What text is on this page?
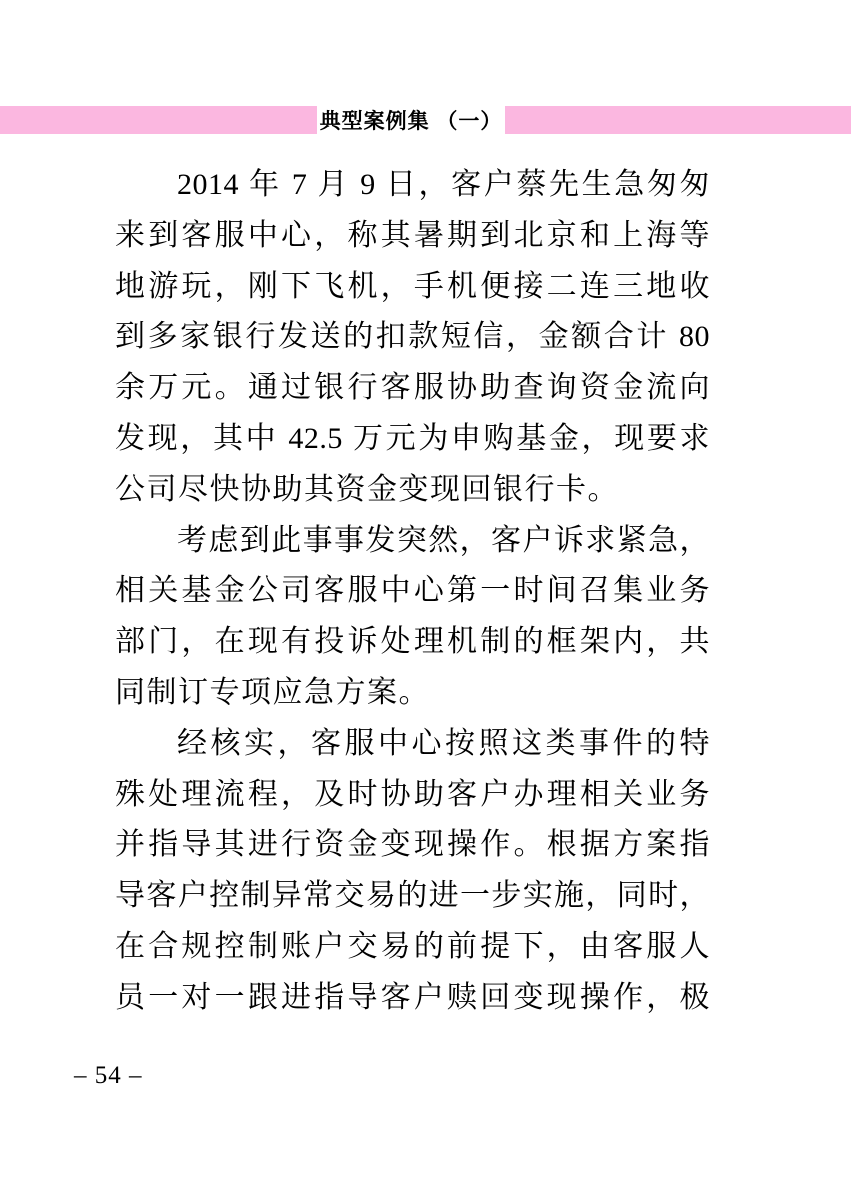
典型案例集 （一）
2014 年 7 月 9 日，客户蔡先生急匆匆
来到客服中心，称其暑期到北京和上海等
地游玩，刚下飞机，手机便接二连三地收
到多家银行发送的扣款短信，金额合计 80
余万元。通过银行客服协助查询资金流向
发现，其中 42.5 万元为申购基金，现要求
公司尽快协助其资金变现回银行卡。
考虑到此事事发突然，客户诉求紧急，
相关基金公司客服中心第一时间召集业务
部门，在现有投诉处理机制的框架内，共
同制订专项应急方案。
经核实，客服中心按照这类事件的特
殊处理流程，及时协助客户办理相关业务
并指导其进行资金变现操作。根据方案指
导客户控制异常交易的进一步实施，同时，
在合规控制账户交易的前提下，由客服人
员一对一跟进指导客户赎回变现操作，极
– 54 –
